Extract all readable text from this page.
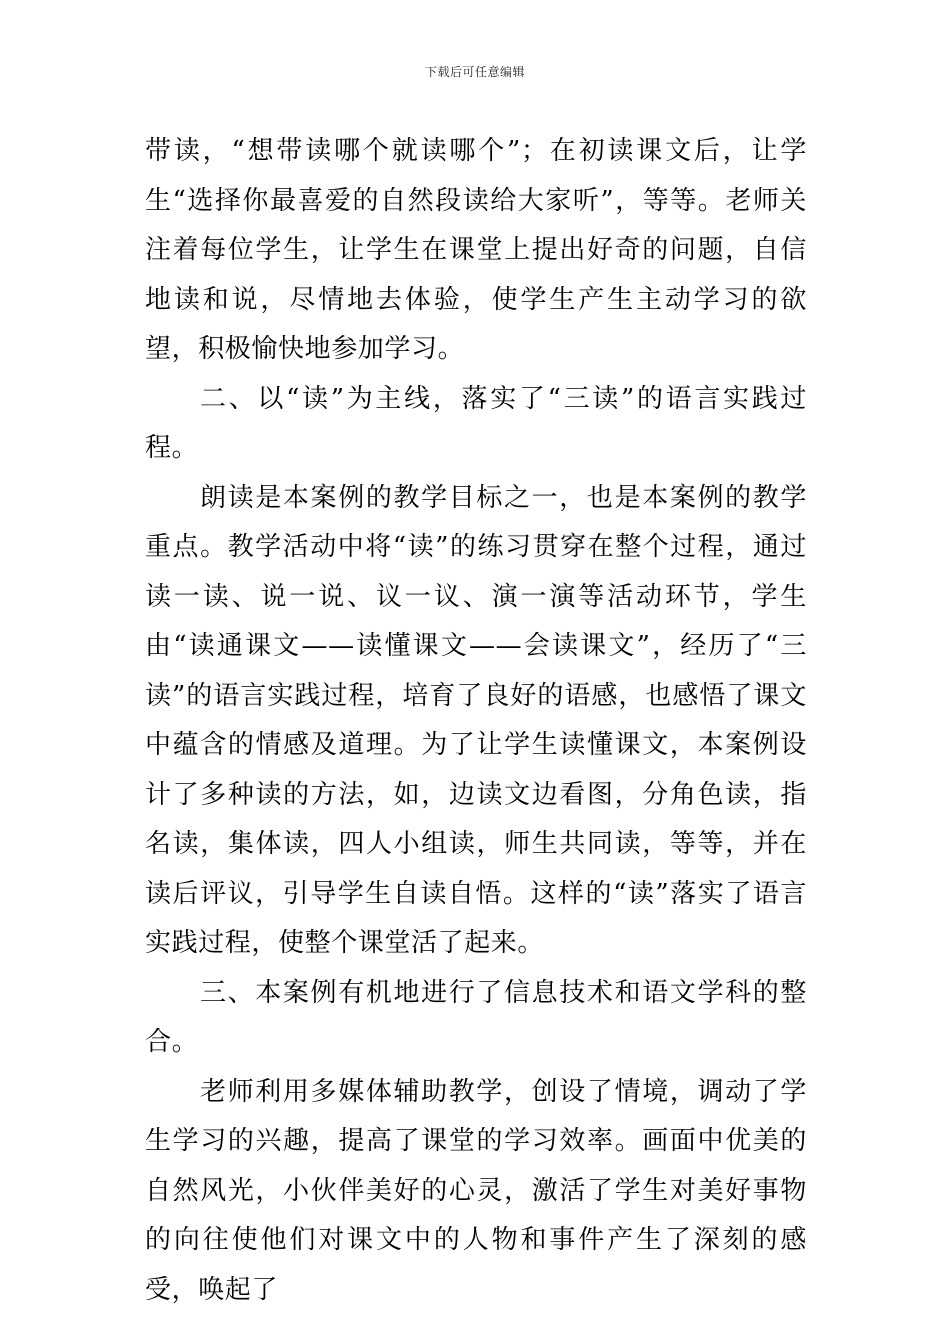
下载后可任意编辑

带读，“想带读哪个就读哪个”；在初读课文后，让学生“选择你最喜爱的自然段读给大家听”，等等。老师关注着每位学生，让学生在课堂上提出好奇的问题，自信地读和说，尽情地去体验，使学生产生主动学习的欲望，积极愉快地参加学习。

二、以“读”为主线，落实了“三读”的语言实践过程。

朗读是本案例的教学目标之一，也是本案例的教学重点。教学活动中将“读”的练习贯穿在整个过程，通过读一读、说一说、议一议、演一演等活动环节，学生由“读通课文——读懂课文——会读课文”，经历了“三读”的语言实践过程，培育了良好的语感，也感悟了课文中蕴含的情感及道理。为了让学生读懂课文，本案例设计了多种读的方法，如，边读文边看图，分角色读，指名读，集体读，四人小组读，师生共同读，等等，并在读后评议，引导学生自读自悟。这样的“读”落实了语言实践过程，使整个课堂活了起来。

三、本案例有机地进行了信息技术和语文学科的整合。

老师利用多媒体辅助教学，创设了情境，调动了学生学习的兴趣，提高了课堂的学习效率。画面中优美的自然风光，小伙伴美好的心灵，激活了学生对美好事物的向往使他们对课文中的人物和事件产生了深刻的感受，唤起了
